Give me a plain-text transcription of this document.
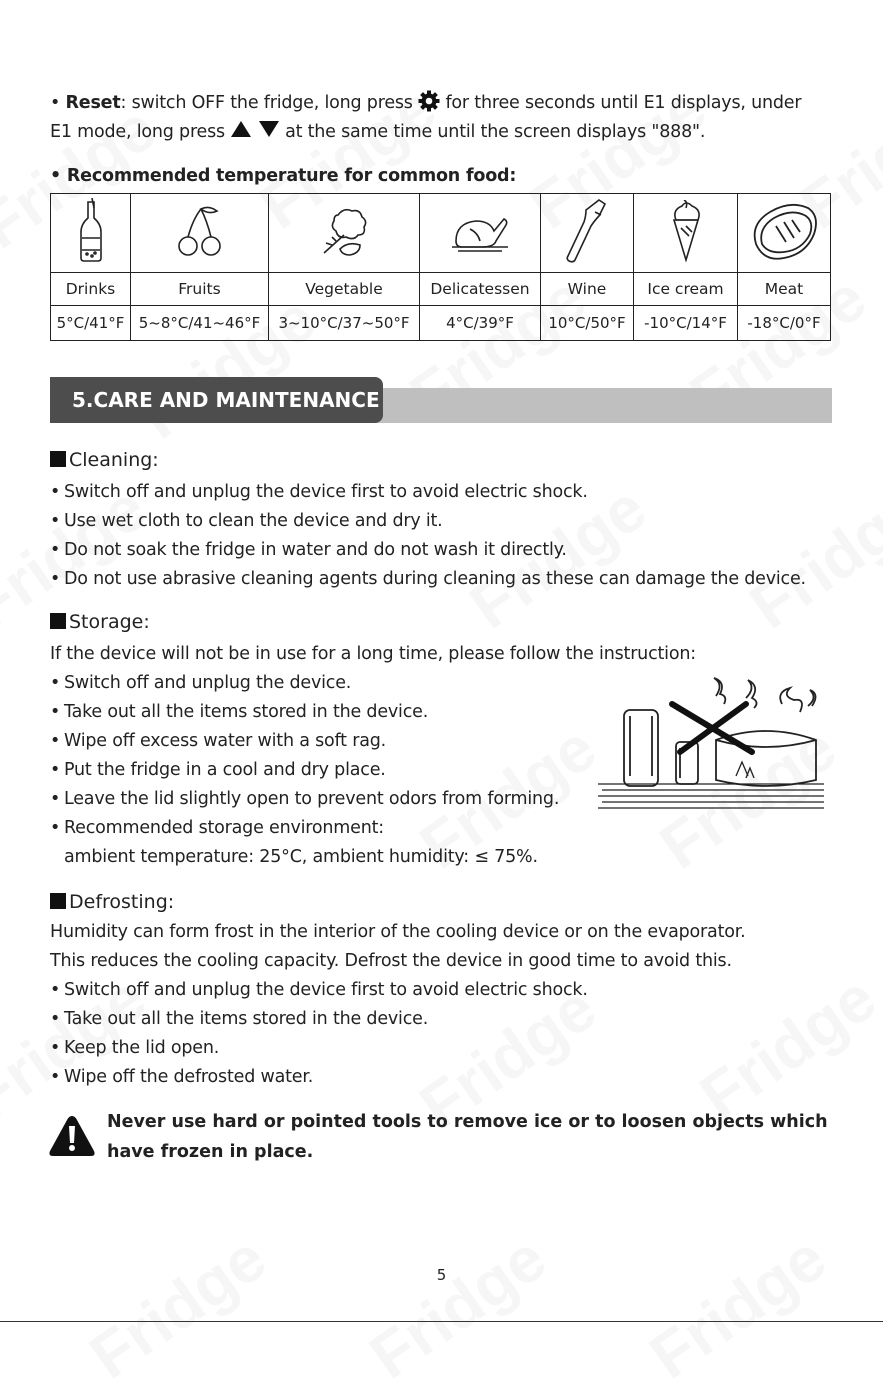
• Reset: switch OFF the fridge, long press  for three seconds until E1 displays, under
E1 mode, long press	at the same time until the screen displays "888".
• Recommended temperature for common food:

Drinks	Fruits	Vegetable	Delicatessen	Wine	Ice cream	Meat
5°C/41°F	5~8°C/41~46°F	3~10°C/37~50°F	4°C/39°F	10°C/50°F	-10°C/14°F	-18°C/0°F
5.CARE AND MAINTENANCE
Cleaning:
• Switch off and unplug the device first to avoid electric shock.
• Use wet cloth to clean the device and dry it.
• Do not soak the fridge in water and do not wash it directly.
• Do not use abrasive cleaning agents during cleaning as these can damage the device.
Storage:
If the device will not be in use for a long time, please follow the instruction:
• Switch off and unplug the device.
• Take out all the items stored in the device.
• Wipe off excess water with a soft rag.
• Put the fridge in a cool and dry place.
• Leave the lid slightly open to prevent odors from forming.
• Recommended storage environment:
ambient temperature: 25°C, ambient humidity: ≤ 75%.
Defrosting:
Humidity can form frost in the interior of the cooling device or on the evaporator.
This reduces the cooling capacity. Defrost the device in good time to avoid this.
• Switch off and unplug the device first to avoid electric shock.
• Take out all the items stored in the device.
• Keep the lid open.
• Wipe off the defrosted water.
Never use hard or pointed tools to remove ice or to loosen objects which
have frozen in place.
5
